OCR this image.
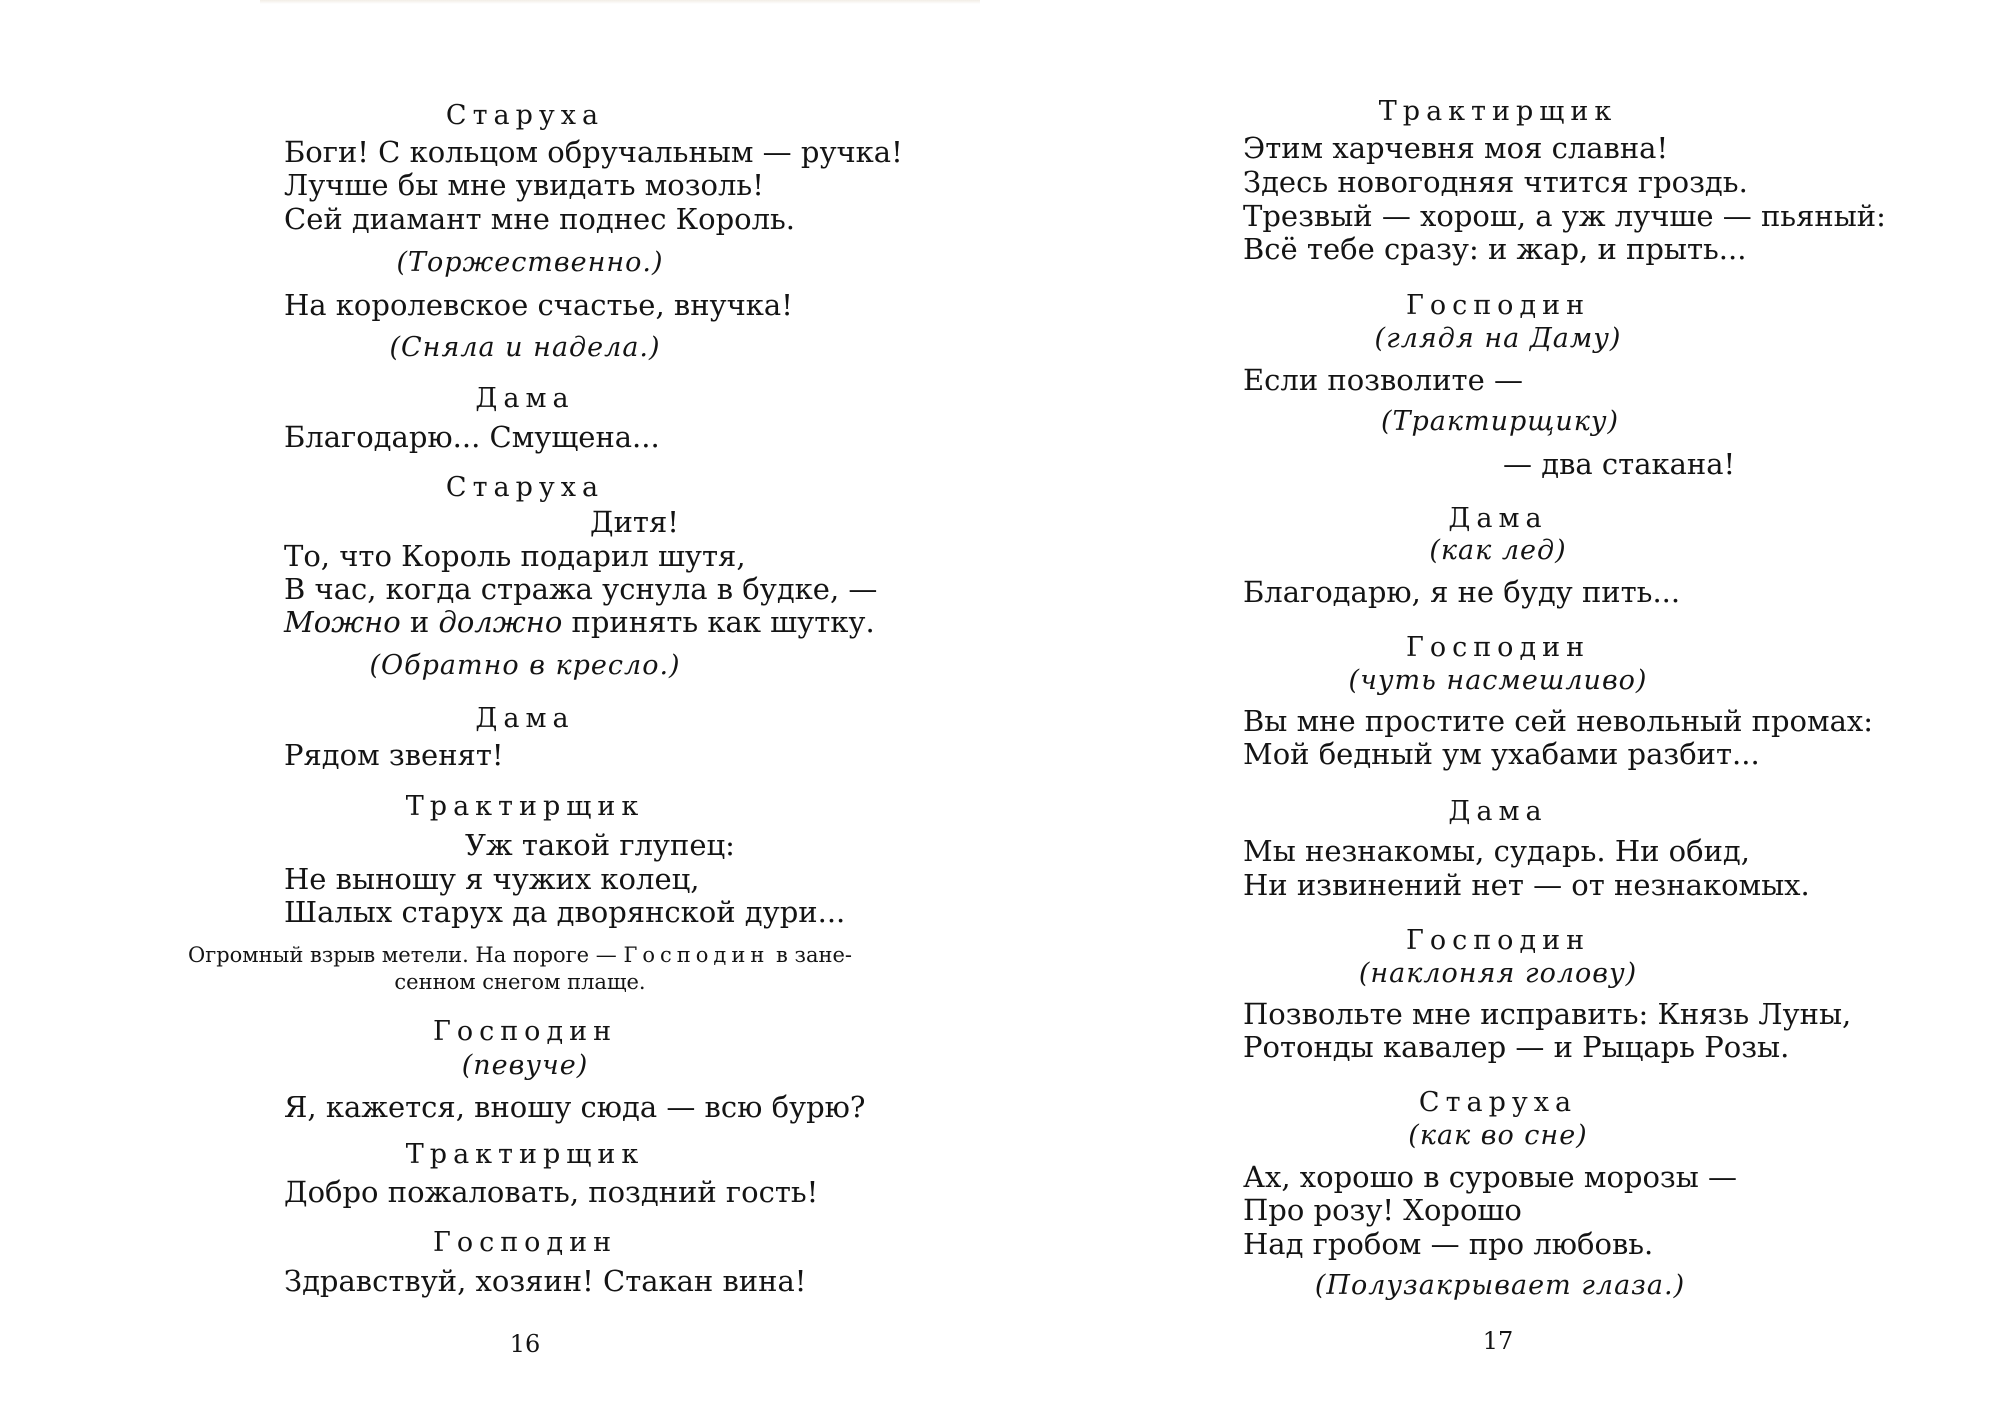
Старуха
Боги! С кольцом обручальным — ручка!
Лучше бы мне увидать мозоль!
Сей диамант мне поднес Король.
(Торжественно.)
На королевское счастье, внучка!
(Сняла и надела.)
Дама
Благодарю... Смущена...
Старуха
Дитя!
То, что Король подарил шутя,
В час, когда стража уснула в будке, —
Можно и должно принять как шутку.
(Обратно в кресло.)
Дама
Рядом звенят!
Трактирщик
Уж такой глупец:
Не выношу я чужих колец,
Шалых старух да дворянской дури...
Огромный взрыв метели. На пороге — Господин в зане-
сенном снегом плаще.
Господин
(певуче)
Я, кажется, вношу сюда — всю бурю?
Трактирщик
Добро пожаловать, поздний гость!
Господин
Здравствуй, хозяин! Стакан вина!
16
Трактирщик
Этим харчевня моя славна!
Здесь новогодняя чтится гроздь.
Трезвый — хорош, а уж лучше — пьяный:
Всё тебе сразу: и жар, и прыть...
Господин
(глядя на Даму)
Если позволите —
(Трактирщику)
— два стакана!
Дама
(как лед)
Благодарю, я не буду пить...
Господин
(чуть насмешливо)
Вы мне простите сей невольный промах:
Мой бедный ум ухабами разбит...
Дама
Мы незнакомы, сударь. Ни обид,
Ни извинений нет — от незнакомых.
Господин
(наклоняя голову)
Позвольте мне исправить: Князь Луны,
Ротонды кавалер — и Рыцарь Розы.
Старуха
(как во сне)
Ах, хорошо в суровые морозы —
Про розу! Хорошо
Над гробом — про любовь.
(Полузакрывает глаза.)
17
